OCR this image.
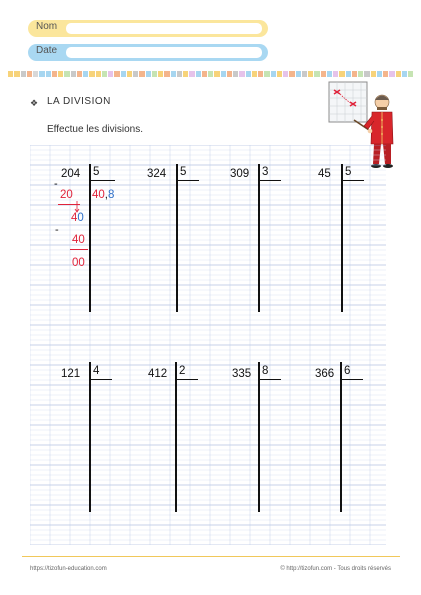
Nom
Date
❖ LA DIVISION
Effectue les divisions.
204 5
-
20 40,8
40
-
40
00
324 5	309 3	45 5
121 4	412 2	335 8	366 6
https://tizofun-education.com	© http://tizofun.com - Tous droits réservés
